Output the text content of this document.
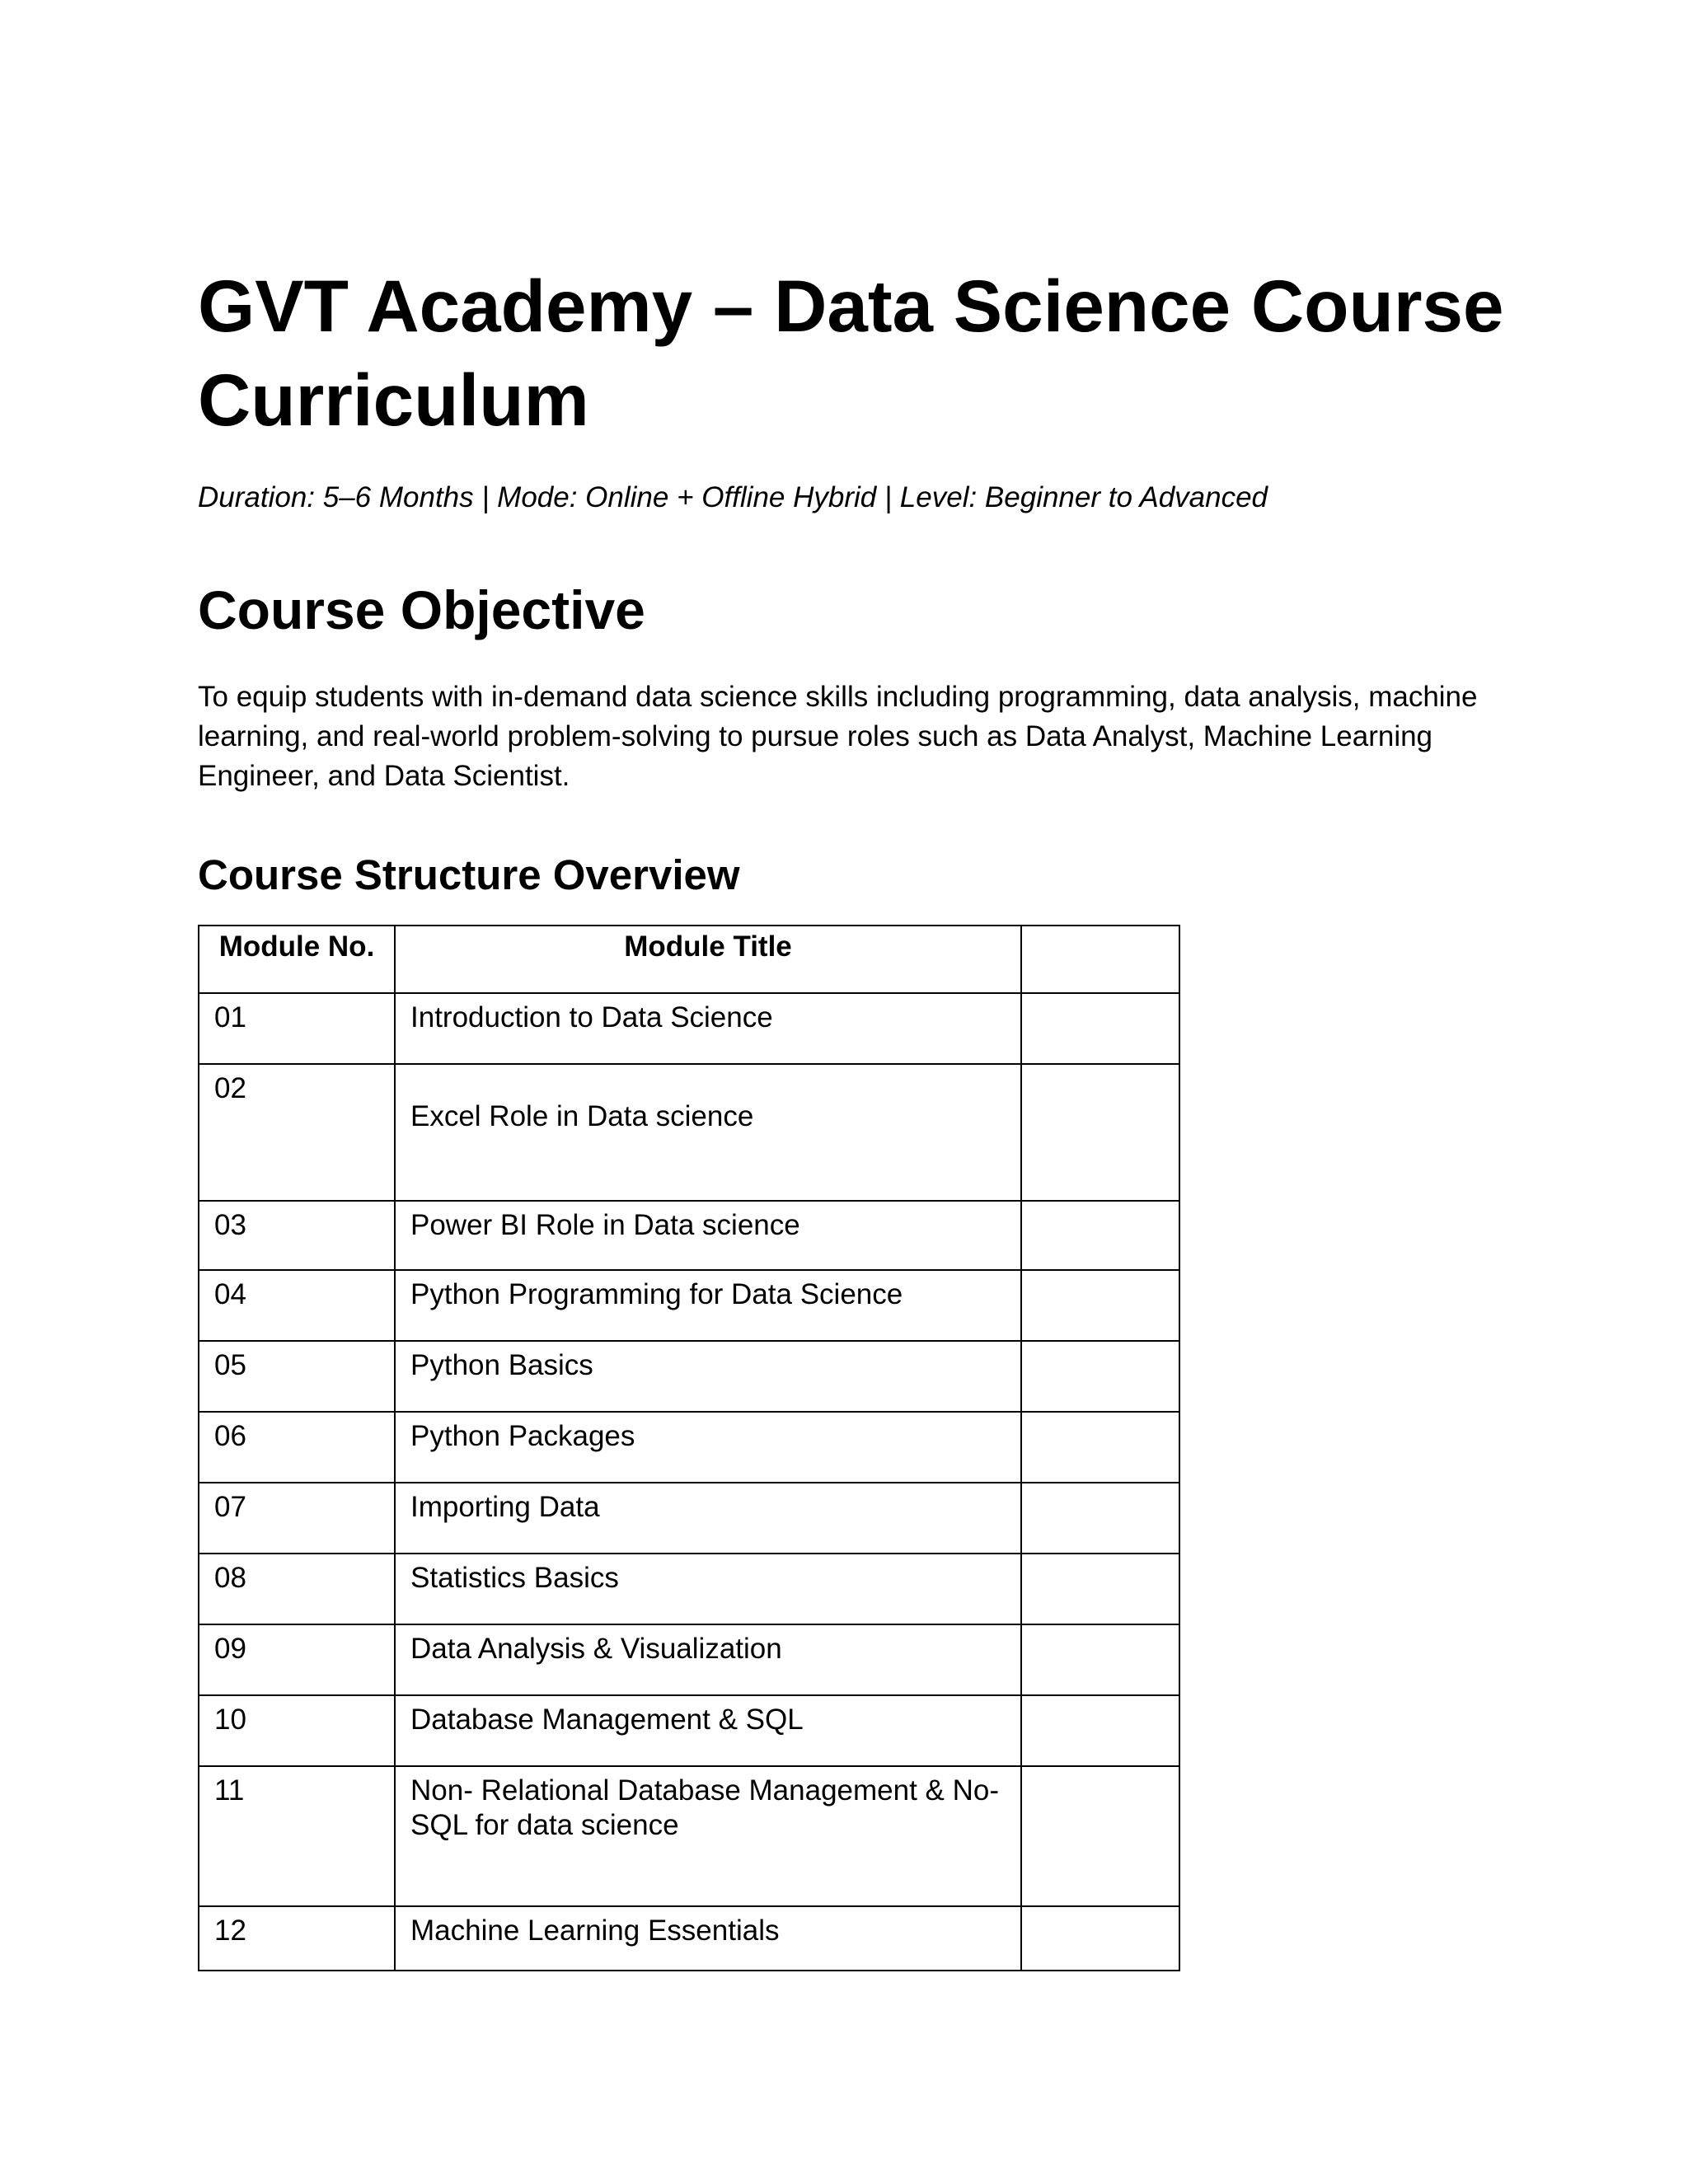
GVT Academy – Data Science Course Curriculum

Duration: 5–6 Months | Mode: Online + Offline Hybrid | Level: Beginner to Advanced

Course Objective

To equip students with in-demand data science skills including programming, data analysis, machine learning, and real-world problem-solving to pursue roles such as Data Analyst, Machine Learning Engineer, and Data Scientist.

Course Structure Overview
Module No.	Module Title	
01	Introduction to Data Science	
02	Excel Role in Data science	
03	Power BI Role in Data science	
04	Python Programming for Data Science	
05	Python Basics	
06	Python Packages	
07	Importing Data	
08	Statistics Basics	
09	Data Analysis & Visualization	
10	Database Management & SQL	
11	Non- Relational Database Management & No-SQL for data science	
12	Machine Learning Essentials	
